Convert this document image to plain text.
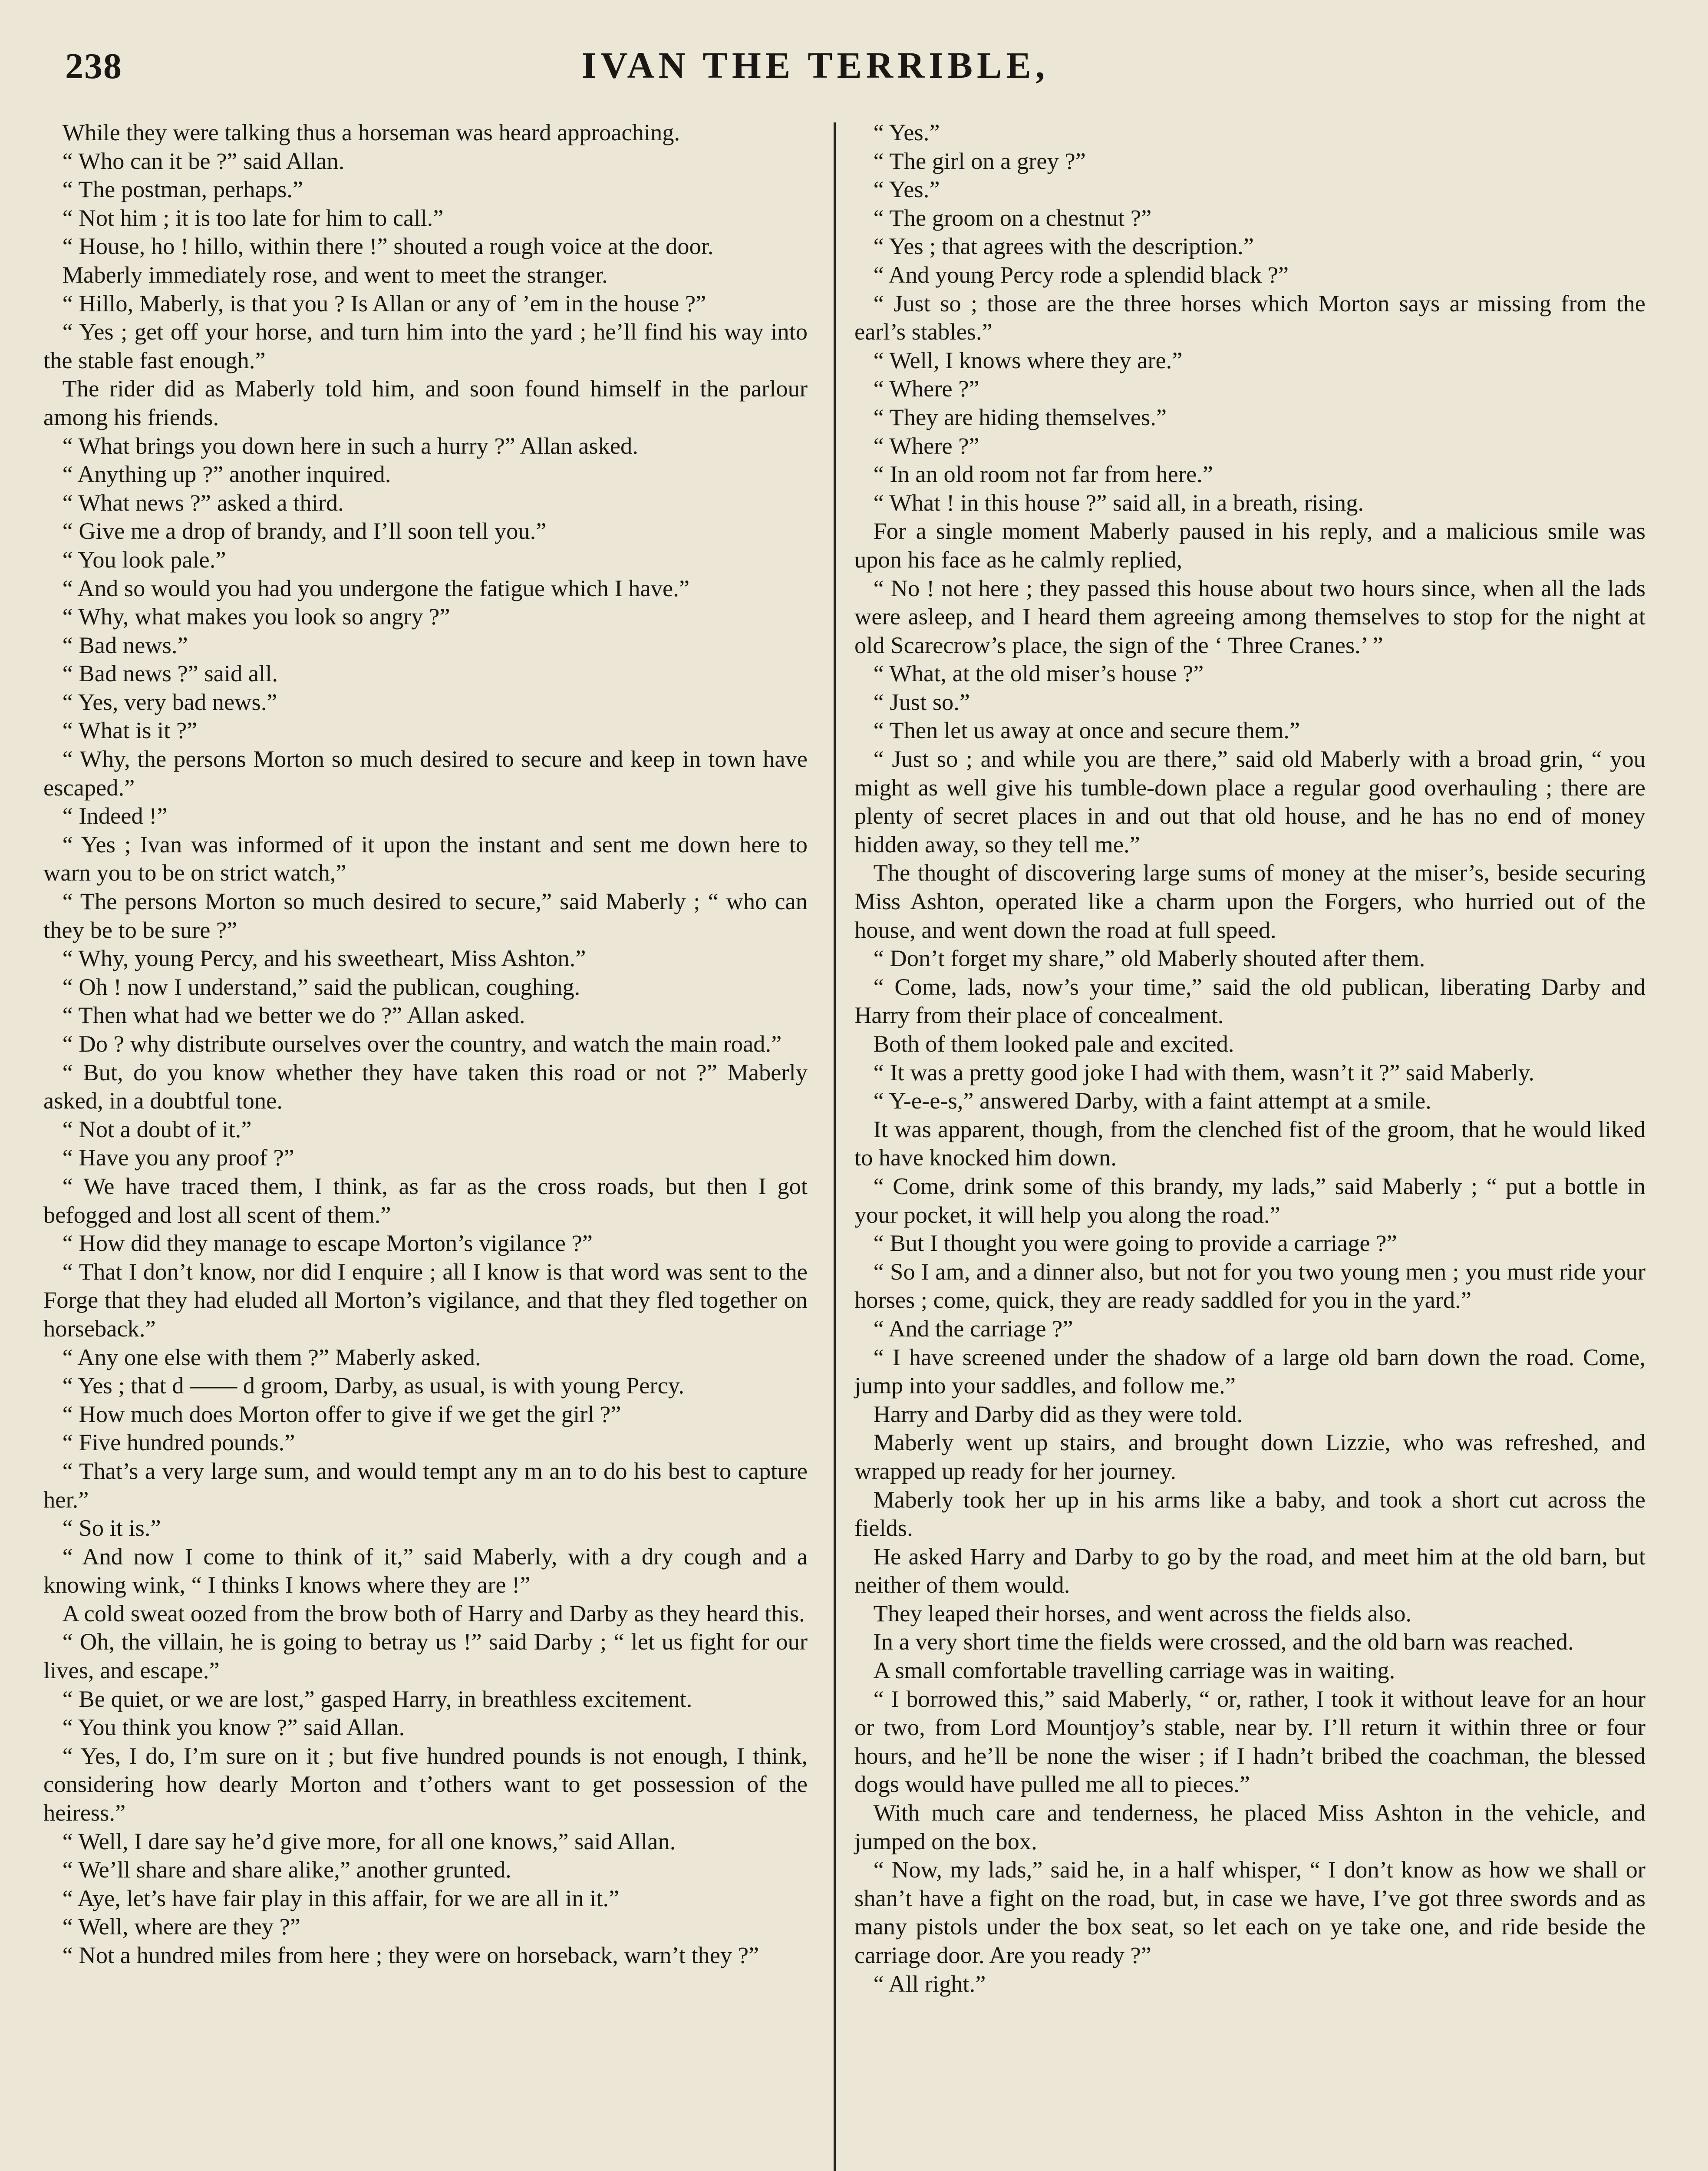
238	IVAN THE TERRIBLE,

While they were talking thus a horseman was heard approaching.

“ Who can it be ?” said Allan.

“ The postman, perhaps.”

“ Not him ; it is too late for him to call.”

“ House, ho ! hillo, within there !” shouted a rough voice at the door.

Maberly immediately rose, and went to meet the stranger.

“ Hillo, Maberly, is that you ? Is Allan or any of ’em in the house ?”

“ Yes ; get off your horse, and turn him into the yard ; he’ll find his way into the stable fast enough.”

The rider did as Maberly told him, and soon found himself in the parlour among his friends.

“ What brings you down here in such a hurry ?” Allan asked.

“ Anything up ?” another inquired.

“ What news ?” asked a third.

“ Give me a drop of brandy, and I’ll soon tell you.”

“ You look pale.”

“ And so would you had you undergone the fatigue which I have.”

“ Why, what makes you look so angry ?”

“ Bad news.”

“ Bad news ?” said all.

“ Yes, very bad news.”

“ What is it ?”

“ Why, the persons Morton so much desired to secure and keep in town have escaped.”

“ Indeed !”

“ Yes ; Ivan was informed of it upon the instant and sent me down here to warn you to be on strict watch,”

“ The persons Morton so much desired to secure,” said Maberly ; “ who can they be to be sure ?”

“ Why, young Percy, and his sweetheart, Miss Ashton.”

“ Oh ! now I understand,” said the publican, coughing.

“ Then what had we better we do ?” Allan asked.

“ Do ? why distribute ourselves over the country, and watch the main road.”

“ But, do you know whether they have taken this road or not ?” Maberly asked, in a doubtful tone.

“ Not a doubt of it.”

“ Have you any proof ?”

“ We have traced them, I think, as far as the cross roads, but then I got befogged and lost all scent of them.”

“ How did they manage to escape Morton’s vigilance ?”

“ That I don’t know, nor did I enquire ; all I know is that word was sent to the Forge that they had eluded all Morton’s vigilance, and that they fled together on horseback.”

“ Any one else with them ?” Maberly asked.

“ Yes ; that d —— d groom, Darby, as usual, is with young Percy.

“ How much does Morton offer to give if we get the girl ?”

“ Five hundred pounds.”

“ That’s a very large sum, and would tempt any m an to do his best to capture her.”

“ So it is.”

“ And now I come to think of it,” said Maberly, with a dry cough and a knowing wink, “ I thinks I knows where they are !”

A cold sweat oozed from the brow both of Harry and Darby as they heard this.

“ Oh, the villain, he is going to betray us !” said Darby ; “ let us fight for our lives, and escape.”

“ Be quiet, or we are lost,” gasped Harry, in breathless excitement.

“ You think you know ?” said Allan.

“ Yes, I do, I’m sure on it ; but five hundred pounds is not enough, I think, considering how dearly Morton and t’others want to get possession of the heiress.”

“ Well, I dare say he’d give more, for all one knows,” said Allan.

“ We’ll share and share alike,” another grunted.

“ Aye, let’s have fair play in this affair, for we are all in it.”

“ Well, where are they ?”

“ Not a hundred miles from here ; they were on horseback, warn’t they ?”

“ Yes.”

“ The girl on a grey ?”

“ Yes.”

“ The groom on a chestnut ?”

“ Yes ; that agrees with the description.”

“ And young Percy rode a splendid black ?”

“ Just so ; those are the three horses which Morton says ar missing from the earl’s stables.”

“ Well, I knows where they are.”

“ Where ?”

“ They are hiding themselves.”

“ Where ?”

“ In an old room not far from here.”

“ What ! in this house ?” said all, in a breath, rising.

For a single moment Maberly paused in his reply, and a malicious smile was upon his face as he calmly replied,

“ No ! not here ; they passed this house about two hours since, when all the lads were asleep, and I heard them agreeing among themselves to stop for the night at old Scarecrow’s place, the sign of the ‘ Three Cranes.’ ”

“ What, at the old miser’s house ?”

“ Just so.”

“ Then let us away at once and secure them.”

“ Just so ; and while you are there,” said old Maberly with a broad grin, “ you might as well give his tumble-down place a regular good overhauling ; there are plenty of secret places in and out that old house, and he has no end of money hidden away, so they tell me.”

The thought of discovering large sums of money at the miser’s, beside securing Miss Ashton, operated like a charm upon the Forgers, who hurried out of the house, and went down the road at full speed.

“ Don’t forget my share,” old Maberly shouted after them.

“ Come, lads, now’s your time,” said the old publican, liberating Darby and Harry from their place of concealment.

Both of them looked pale and excited.

“ It was a pretty good joke I had with them, wasn’t it ?” said Maberly.

“ Y-e-e-s,” answered Darby, with a faint attempt at a smile.

It was apparent, though, from the clenched fist of the groom, that he would liked to have knocked him down.

“ Come, drink some of this brandy, my lads,” said Maberly ; “ put a bottle in your pocket, it will help you along the road.”

“ But I thought you were going to provide a carriage ?”

“ So I am, and a dinner also, but not for you two young men ; you must ride your horses ; come, quick, they are ready saddled for you in the yard.”

“ And the carriage ?”

“ I have screened under the shadow of a large old barn down the road. Come, jump into your saddles, and follow me.”

Harry and Darby did as they were told.

Maberly went up stairs, and brought down Lizzie, who was refreshed, and wrapped up ready for her journey.

Maberly took her up in his arms like a baby, and took a short cut across the fields.

He asked Harry and Darby to go by the road, and meet him at the old barn, but neither of them would.

They leaped their horses, and went across the fields also.

In a very short time the fields were crossed, and the old barn was reached.

A small comfortable travelling carriage was in waiting.

“ I borrowed this,” said Maberly, “ or, rather, I took it without leave for an hour or two, from Lord Mountjoy’s stable, near by. I’ll return it within three or four hours, and he’ll be none the wiser ; if I hadn’t bribed the coachman, the blessed dogs would have pulled me all to pieces.”

With much care and tenderness, he placed Miss Ashton in the vehicle, and jumped on the box.

“ Now, my lads,” said he, in a half whisper, “ I don’t know as how we shall or shan’t have a fight on the road, but, in case we have, I’ve got three swords and as many pistols under the box seat, so let each on ye take one, and ride beside the carriage door. Are you ready ?”

“ All right.”
